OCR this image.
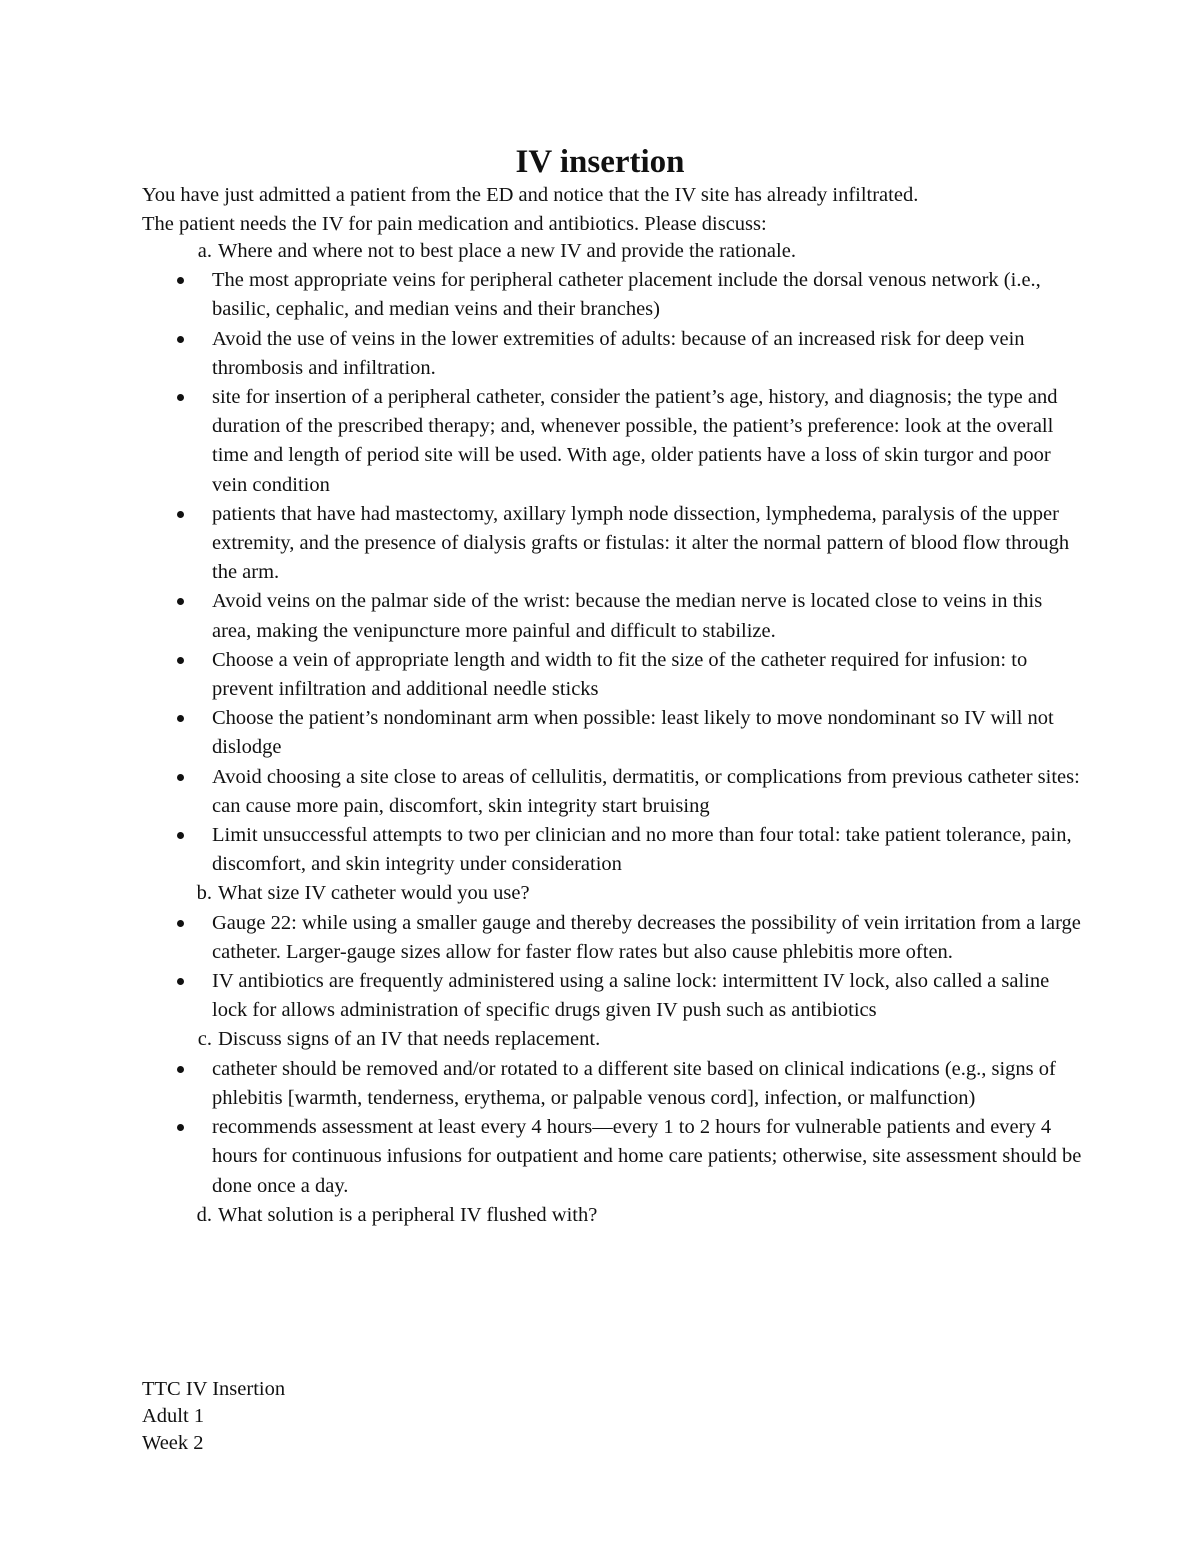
IV insertion

You have just admitted a patient from the ED and notice that the IV site has already infiltrated.

The patient needs the IV for pain medication and antibiotics. Please discuss:

a. Where and where not to best place a new IV and provide the rationale.
The most appropriate veins for peripheral catheter placement include the dorsal venous network (i.e., basilic, cephalic, and median veins and their branches)
Avoid the use of veins in the lower extremities of adults: because of an increased risk for deep vein thrombosis and infiltration.
site for insertion of a peripheral catheter, consider the patient’s age, history, and diagnosis; the type and duration of the prescribed therapy; and, whenever possible, the patient’s preference: look at the overall time and length of period site will be used. With age, older patients have a loss of skin turgor and poor vein condition
patients that have had mastectomy, axillary lymph node dissection, lymphedema, paralysis of the upper extremity, and the presence of dialysis grafts or fistulas: it alter the normal pattern of blood flow through the arm.
Avoid veins on the palmar side of the wrist: because the median nerve is located close to veins in this area, making the venipuncture more painful and difficult to stabilize.
Choose a vein of appropriate length and width to fit the size of the catheter required for infusion: to prevent infiltration and additional needle sticks
Choose the patient’s nondominant arm when possible: least likely to move nondominant so IV will not dislodge
Avoid choosing a site close to areas of cellulitis, dermatitis, or complications from previous catheter sites: can cause more pain, discomfort, skin integrity start bruising
Limit unsuccessful attempts to two per clinician and no more than four total: take patient tolerance, pain, discomfort, and skin integrity under consideration
b. What size IV catheter would you use?
Gauge 22: while using a smaller gauge and thereby decreases the possibility of vein irritation from a large catheter. Larger-gauge sizes allow for faster flow rates but also cause phlebitis more often.
IV antibiotics are frequently administered using a saline lock: intermittent IV lock, also called a saline lock for allows administration of specific drugs given IV push such as antibiotics
c. Discuss signs of an IV that needs replacement.
catheter should be removed and/or rotated to a different site based on clinical indications (e.g., signs of phlebitis [warmth, tenderness, erythema, or palpable venous cord], infection, or malfunction)
recommends assessment at least every 4 hours—every 1 to 2 hours for vulnerable patients and every 4 hours for continuous infusions for outpatient and home care patients; otherwise, site assessment should be done once a day.
d. What solution is a peripheral IV flushed with?

TTC IV Insertion

Adult 1

Week 2
